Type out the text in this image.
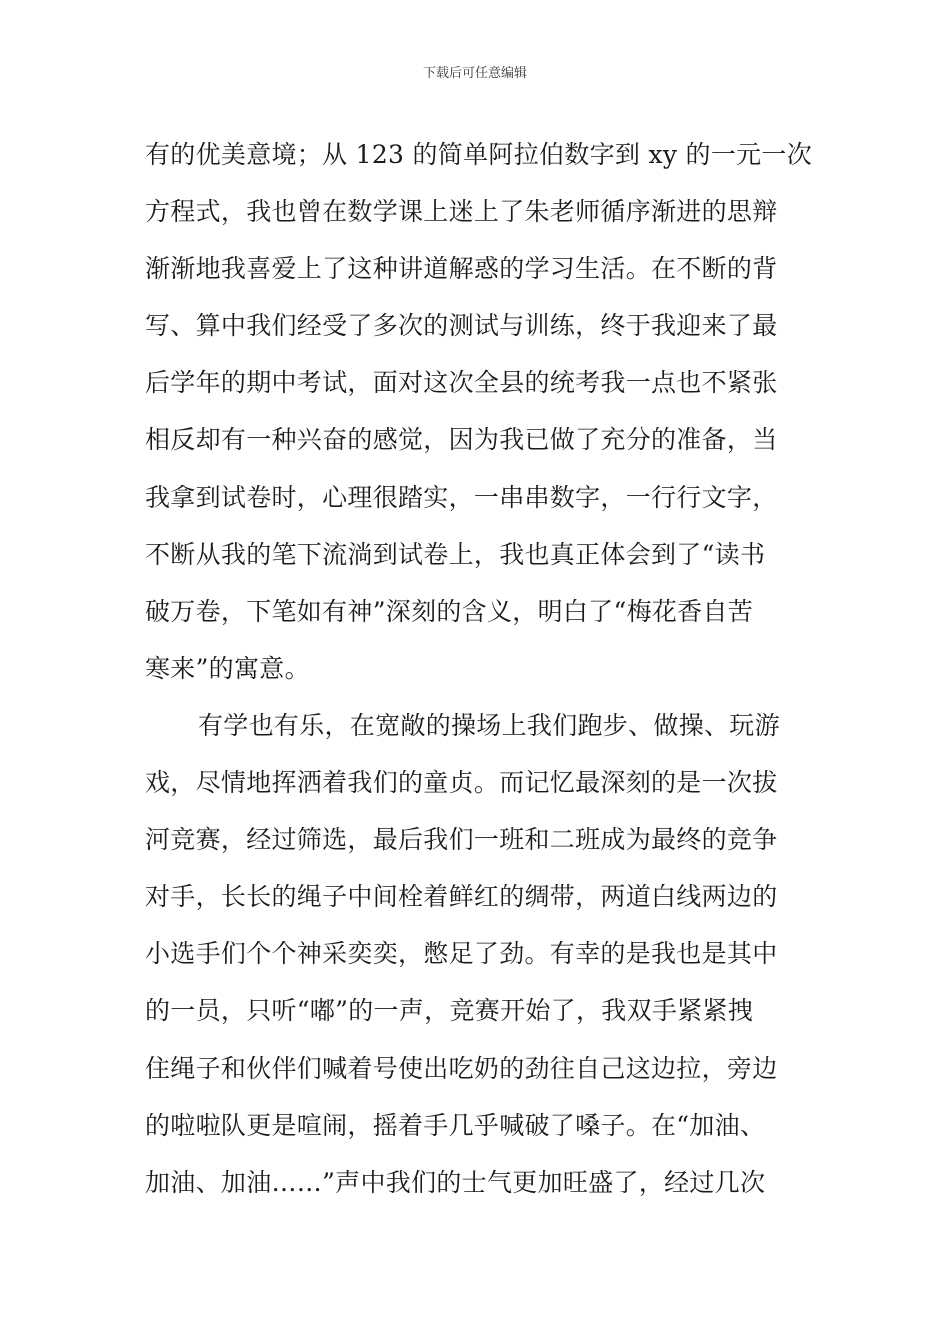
下载后可任意编辑
有的优美意境；从 123 的简单阿拉伯数字到 xy 的一元一次
方程式，我也曾在数学课上迷上了朱老师循序渐进的思辩
渐渐地我喜爱上了这种讲道解惑的学习生活。在不断的背
写、算中我们经受了多次的测试与训练，终于我迎来了最
后学年的期中考试，面对这次全县的统考我一点也不紧张
相反却有一种兴奋的感觉，因为我已做了充分的准备，当
我拿到试卷时，心理很踏实，一串串数字，一行行文字，
不断从我的笔下流淌到试卷上，我也真正体会到了“读书
破万卷，下笔如有神”深刻的含义，明白了“梅花香自苦
寒来”的寓意。
有学也有乐，在宽敞的操场上我们跑步、做操、玩游
戏，尽情地挥洒着我们的童贞。而记忆最深刻的是一次拔
河竞赛，经过筛选，最后我们一班和二班成为最终的竞争
对手，长长的绳子中间栓着鲜红的绸带，两道白线两边的
小选手们个个神采奕奕，憋足了劲。有幸的是我也是其中
的一员，只听“嘟”的一声，竞赛开始了，我双手紧紧拽
住绳子和伙伴们喊着号使出吃奶的劲往自己这边拉，旁边
的啦啦队更是喧闹，摇着手几乎喊破了嗓子。在“加油、
加油、加油……”声中我们的士气更加旺盛了，经过几次
